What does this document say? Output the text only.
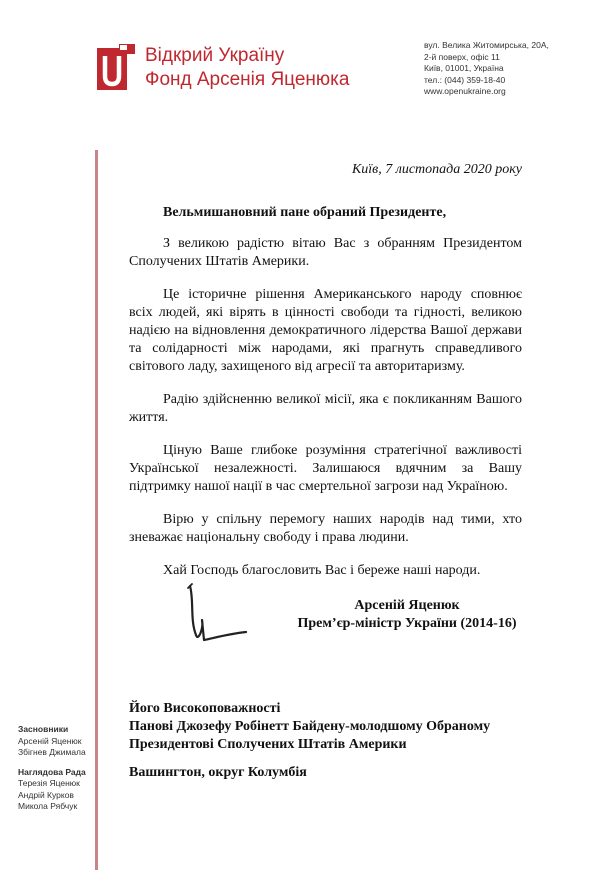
Відкрий Україну
Фонд Арсенія Яценюка
вул. Велика Житомирська, 20А,
2-й поверх, офіс 11
Київ, 01001, Україна
тел.: (044) 359-18-40
www.openukraine.org
Київ, 7 листопада 2020 року
Вельмишановний пане обраний Президенте,

З великою радістю вітаю Вас з обранням Президентом Сполучених Штатів Америки.

Це історичне рішення Американського народу сповнює всіх людей, які вірять в цінності свободи та гідності, великою надією на відновлення демократичного лідерства Вашої держави та солідарності між народами, які прагнуть справедливого світового ладу, захищеного від агресії та авторитаризму.

Радію здійсненню великої місії, яка є покликанням Вашого життя.

Ціную Ваше глибоке розуміння стратегічної важливості Української незалежності. Залишаюся вдячним за Вашу підтримку нашої нації в час смертельної загрози над Україною.

Вірю у спільну перемогу наших народів над тими, хто зневажає національну свободу і права людини.

Хай Господь благословить Вас і береже наші народи.

Арсеній Яценюк
Прем’єр-міністр України (2014-16)
Його Високоповажності
Панові Джозефу Робінетт Байдену-молодшому Обраному
Президентові Сполучених Штатів Америки
Вашингтон, округ Колумбія
Засновники
Арсеній Яценюк
Збігнев Джимала
Наглядова Рада
Терезія Яценюк
Андрій Курков
Микола Рябчук
